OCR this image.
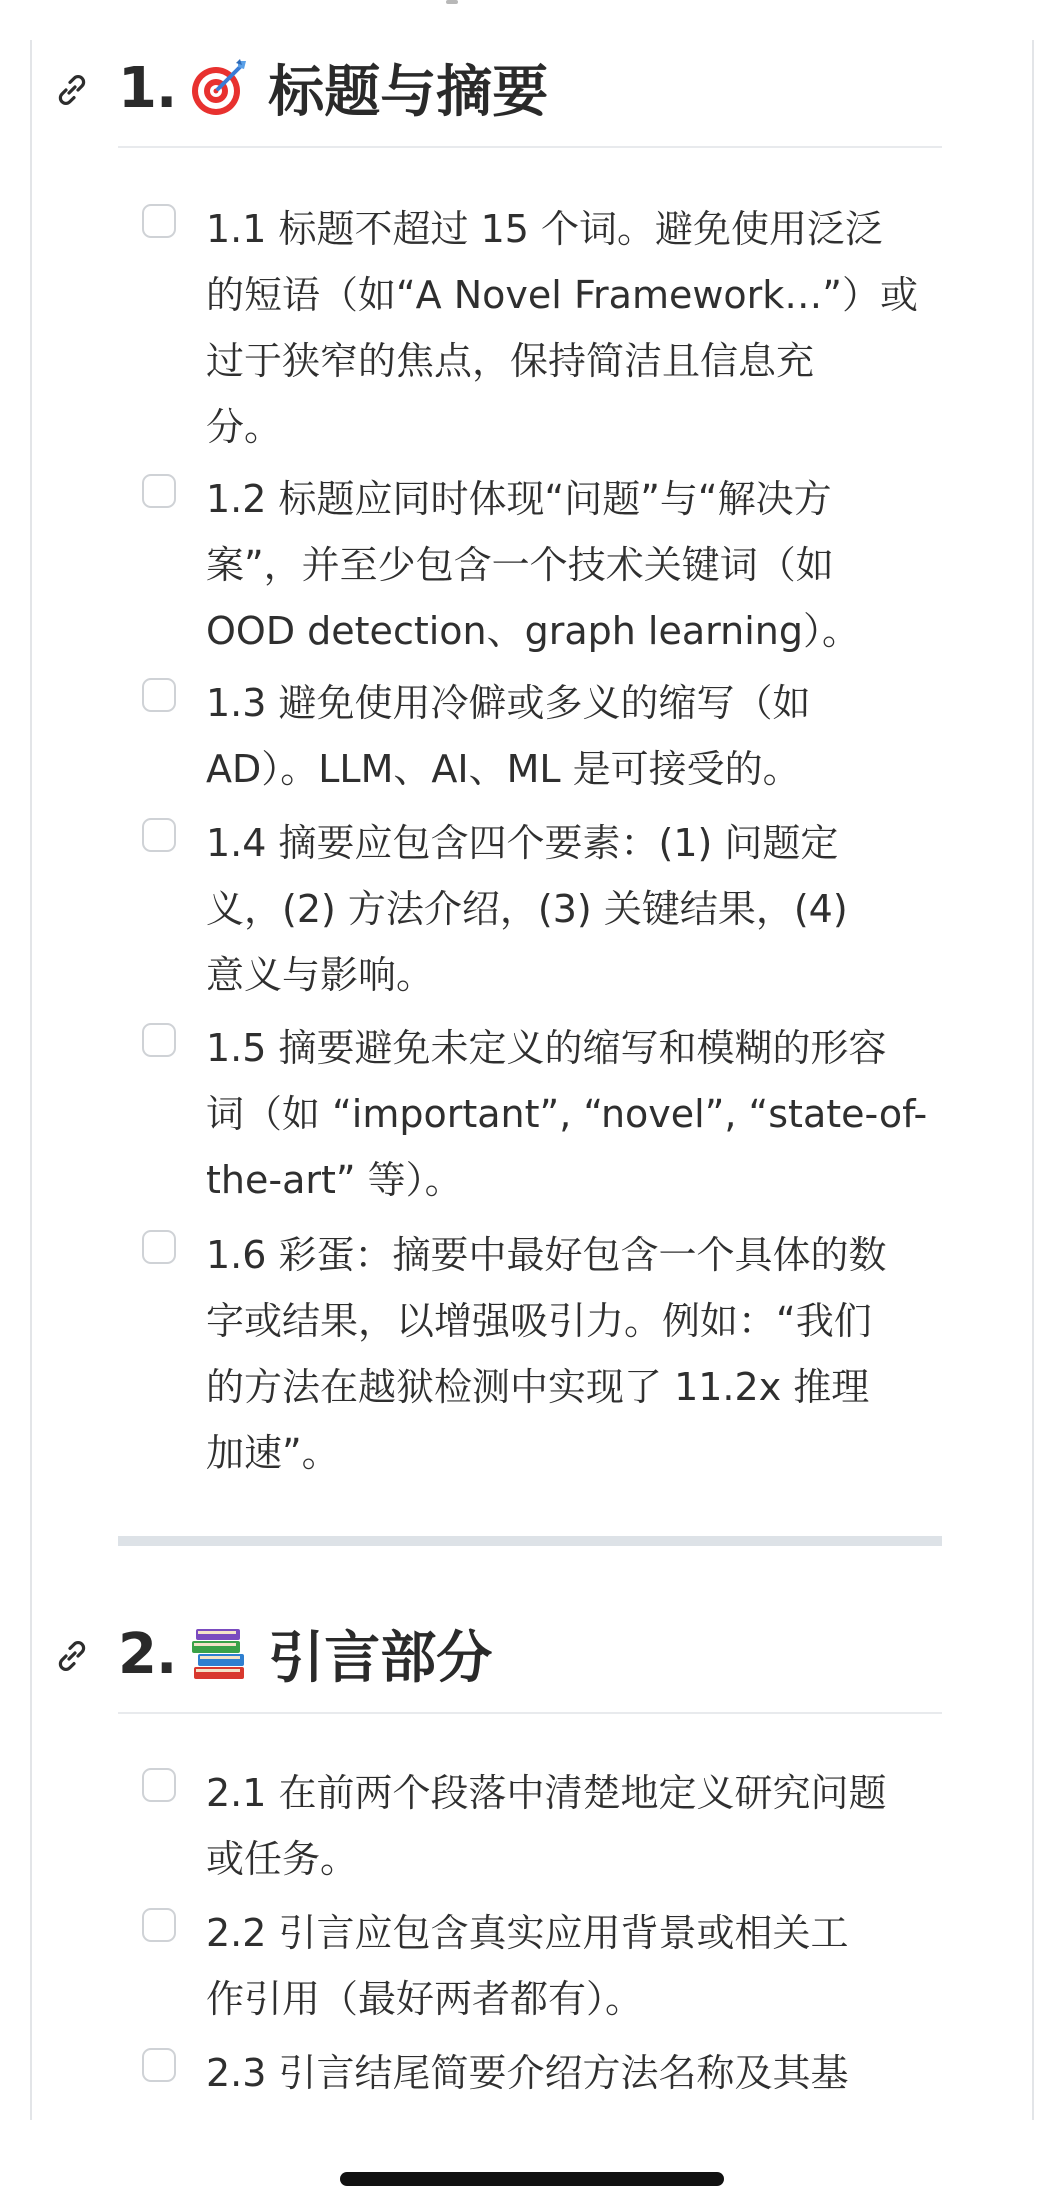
1. 标题与摘要
1.1 标题不超过 15 个词。避免使用泛泛
的短语（如“A Novel Framework…”）或
过于狭窄的焦点，保持简洁且信息充
分。
1.2 标题应同时体现“问题”与“解决方
案”，并至少包含一个技术关键词（如
OOD detection、graph learning）。
1.3 避免使用冷僻或多义的缩写（如
AD）。LLM、AI、ML 是可接受的。
1.4 摘要应包含四个要素：(1) 问题定
义，(2) 方法介绍，(3) 关键结果，(4)
意义与影响。
1.5 摘要避免未定义的缩写和模糊的形容
词（如 “important”, “novel”, “state-of-
the-art” 等）。
1.6 彩蛋：摘要中最好包含一个具体的数
字或结果，以增强吸引力。例如：“我们
的方法在越狱检测中实现了 11.2x 推理
加速”。
2. 引言部分
2.1 在前两个段落中清楚地定义研究问题
或任务。
2.2 引言应包含真实应用背景或相关工
作引用（最好两者都有）。
2.3 引言结尾简要介绍方法名称及其基
